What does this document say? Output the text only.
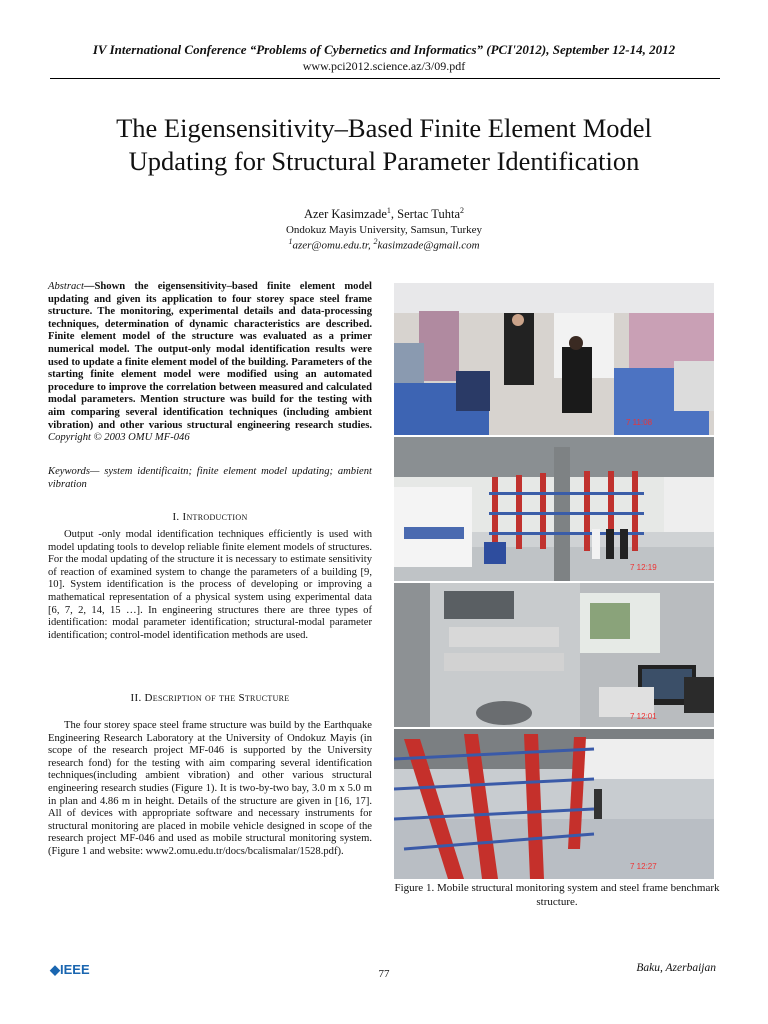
IV International Conference “Problems of Cybernetics and Informatics” (PCI'2012), September 12-14, 2012
www.pci2012.science.az/3/09.pdf
The Eigensensitivity–Based Finite Element Model
Updating for Structural Parameter Identification
Azer Kasimzade$^1$, Sertac Tuhta$^2$
Ondokuz Mayis University, Samsun, Turkey
$^1$azer@omu.edu.tr, $^2$kasimzade@gmail.com
Abstract—Shown the eigensensitivity–based finite element model updating and given its application to four storey space steel frame structure. The monitoring, experimental details and data-processing techniques, determination of dynamic characteristics are described. Finite element model of the structure was evaluated as a primer numerical model. The output-only modal identification results were used to update a finite element model of the building. Parameters of the starting finite element model were modified using an automated procedure to improve the correlation between measured and calculated modal parameters. Mention structure was build for the testing with aim comparing several identification techniques (including ambient vibration) and other various structural engineering research studies. Copyright © 2003 OMU MF-046
Keywords— system identificaitn; finite element model updating; ambient vibration
I. Introduction
Output -only modal identification techniques efficiently is used with model updating tools to develop reliable finite element models of structures. For the modal updating of the structure it is necessary to estimate sensitivity of reaction of examined system to change the parameters of a building [9, 10]. System identification is the process of developing or improving a mathematical representation of a physical system using experimental data [6, 7, 2, 14, 15 …]. In engineering structures there are three types of identification: modal parameter identification; structural-modal parameter identification; control-model identification methods are used.
II. Description of the Structure
The four storey space steel frame structure was build by the Earthquake Engineering Research Laboratory at the University of Ondokuz Mayis (in scope of the research project MF-046 is supported by the University research fond) for the testing with aim comparing several identification techniques(including ambient vibration) and other various structural engineering research studies (Figure 1). It is two-by-two bay, 3.0 m x 5.0 m in plan and 4.86 m in height. Details of the structure are given in [16, 17]. All of devices with appropriate software and necessary instruments for structural monitoring are placed in mobile vehicle designed in scope of the research project MF-046 and used as mobile structural monitoring system. (Figure 1 and website: www2.omu.edu.tr/docs/bcalismalar/1528.pdf).
7 11:08
7 12:19
7 12:01
7 12:27
Figure 1. Mobile structural monitoring system and steel frame benchmark structure.
◆IEEE	77	Baku, Azerbaijan
